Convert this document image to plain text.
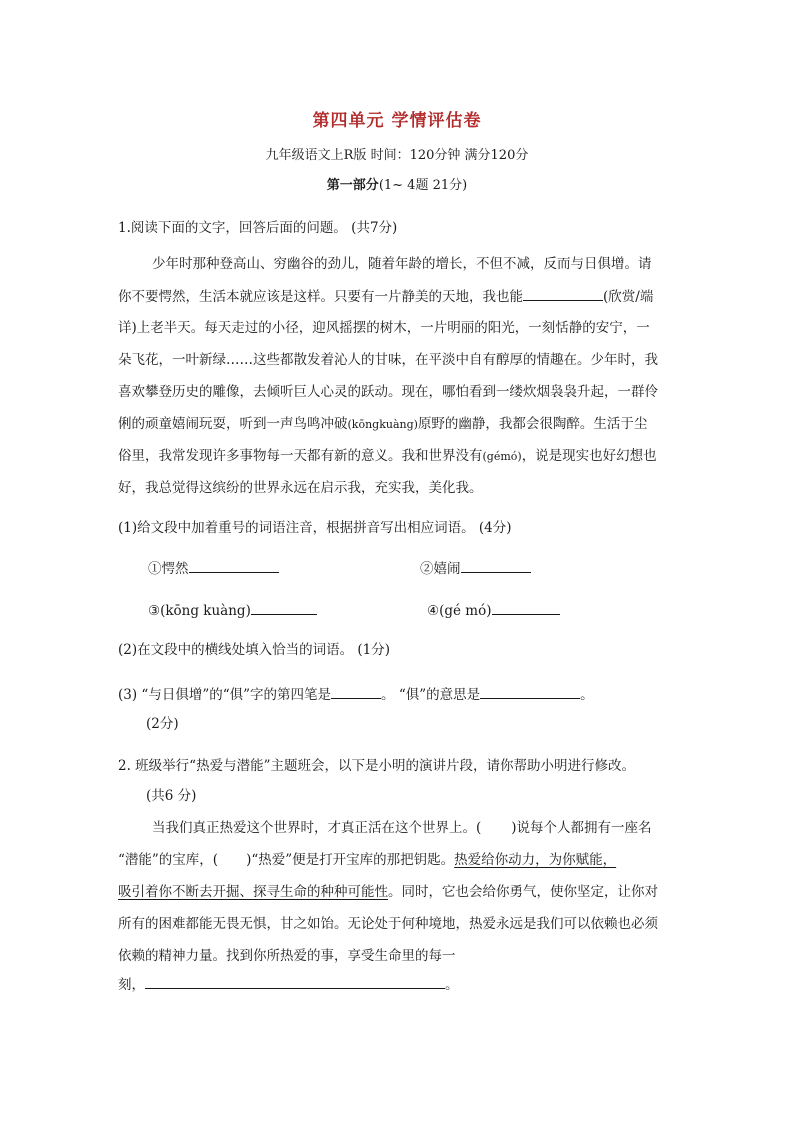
第四单元 学情评估卷
九年级语文上R版 时间：120分钟 满分120分
第一部分(1~ 4题 21分)
1.阅读下面的文字，回答后面的问题。 (共7分)
少年时那种登高山、穷幽谷的劲儿，随着年龄的增长，不但不减，反而与日俱增。请
你不要愕然，生活本就应该是这样。只要有一片静美的天地，我也能	(欣赏/端
详)上老半天。每天走过的小径，迎风摇摆的树木，一片明丽的阳光，一刻恬静的安宁，一
朵飞花，一叶新绿……这些都散发着沁人的甘味，在平淡中自有醇厚的情趣在。少年时，我
喜欢攀登历史的雕像，去倾听巨人心灵的跃动。现在，哪怕看到一缕炊烟袅袅升起，一群伶
俐的顽童嬉闹玩耍，听到一声鸟鸣冲破(kōngkuàng)原野的幽静，我都会很陶醉。生活于尘
俗里，我常发现许多事物每一天都有新的意义。我和世界没有(gémó)，说是现实也好幻想也
好，我总觉得这缤纷的世界永远在启示我，充实我，美化我。
(1)给文段中加着重号的词语注音，根据拼音写出相应词语。 (4分)
①愕然	②嬉闹
③(kōng kuàng)	④(gé mó)
(2)在文段中的横线处填入恰当的词语。 (1分)
(3) “与日俱增”的“俱”字的第四笔是	。 “俱”的意思是	。
(2分)
2. 班级举行“热爱与潜能”主题班会，以下是小明的演讲片段，请你帮助小明进行修改。
(共6 分)
当我们真正热爱这个世界时，才真正活在这个世界上。( )说每个人都拥有一座名
“潜能”的宝库，( )“热爱”便是打开宝库的那把钥匙。热爱给你动力，为你赋能，
吸引着你不断去开掘、探寻生命的种种可能性。同时，它也会给你勇气，使你坚定，让你对
所有的困难都能无畏无惧，甘之如饴。无论处于何种境地，热爱永远是我们可以依赖也必须
依赖的精神力量。找到你所热爱的事，享受生命里的每一
刻，	。
